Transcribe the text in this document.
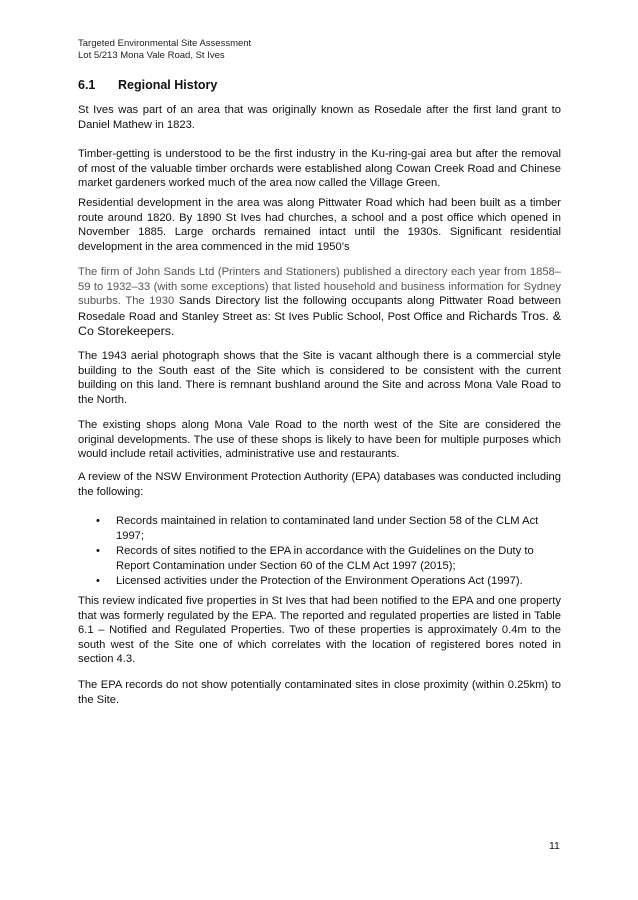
Targeted Environmental Site Assessment
Lot 5/213 Mona Vale Road, St Ives
6.1 Regional History

St Ives was part of an area that was originally known as Rosedale after the first land grant to Daniel Mathew in 1823.

Timber-getting is understood to be the first industry in the Ku-ring-gai area but after the removal of most of the valuable timber orchards were established along Cowan Creek Road and Chinese market gardeners worked much of the area now called the Village Green.

Residential development in the area was along Pittwater Road which had been built as a timber route around 1820. By 1890 St Ives had churches, a school and a post office which opened in November 1885. Large orchards remained intact until the 1930s. Significant residential development in the area commenced in the mid 1950’s

The firm of John Sands Ltd (Printers and Stationers) published a directory each year from 1858–59 to 1932–33 (with some exceptions) that listed household and business information for Sydney suburbs. The 1930 Sands Directory list the following occupants along Pittwater Road between Rosedale Road and Stanley Street as: St Ives Public School, Post Office and Richards Tros. & Co Storekeepers.

The 1943 aerial photograph shows that the Site is vacant although there is a commercial style building to the South east of the Site which is considered to be consistent with the current building on this land. There is remnant bushland around the Site and across Mona Vale Road to the North.

The existing shops along Mona Vale Road to the north west of the Site are considered the original developments. The use of these shops is likely to have been for multiple purposes which would include retail activities, administrative use and restaurants.

A review of the NSW Environment Protection Authority (EPA) databases was conducted including the following:

• Records maintained in relation to contaminated land under Section 58 of the CLM Act 1997;
• Records of sites notified to the EPA in accordance with the Guidelines on the Duty to Report Contamination under Section 60 of the CLM Act 1997 (2015);
• Licensed activities under the Protection of the Environment Operations Act (1997).

This review indicated five properties in St Ives that had been notified to the EPA and one property that was formerly regulated by the EPA. The reported and regulated properties are listed in Table 6.1 – Notified and Regulated Properties. Two of these properties is approximately 0.4m to the south west of the Site one of which correlates with the location of registered bores noted in section 4.3.

The EPA records do not show potentially contaminated sites in close proximity (within 0.25km) to the Site.

11
